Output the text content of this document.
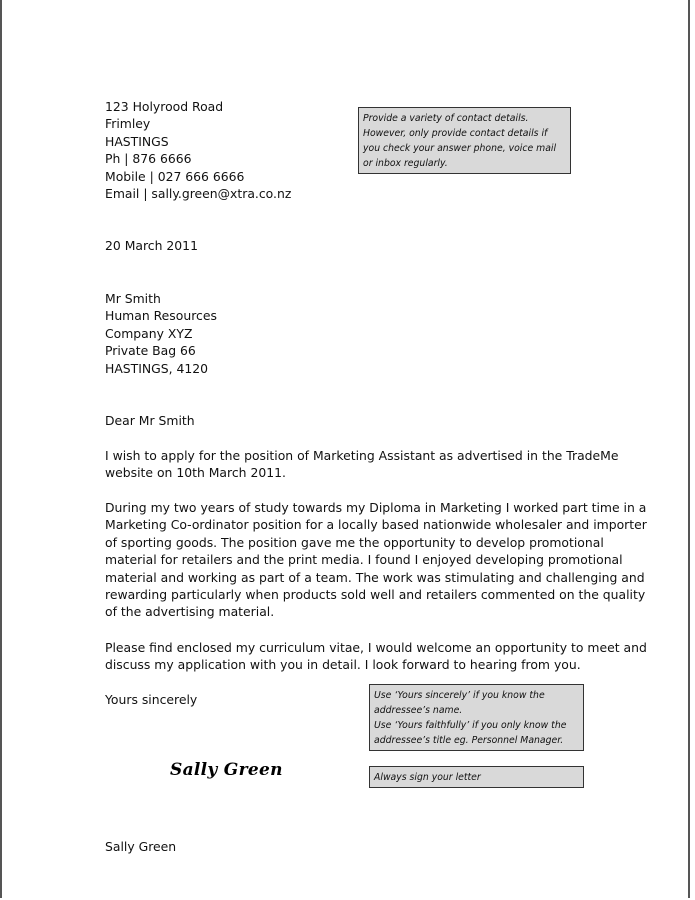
123 Holyrood Road
Frimley
HASTINGS
Ph | 876 6666
Mobile | 027 666 6666
Email | sally.green@xtra.co.nz
Provide a variety of contact details.
However, only provide contact details if
you check your answer phone, voice mail
or inbox regularly.
20 March 2011
Mr Smith
Human Resources
Company XYZ
Private Bag 66
HASTINGS, 4120
Dear Mr Smith
I wish to apply for the position of Marketing Assistant as advertised in the TradeMe
website on 10th March 2011.
During my two years of study towards my Diploma in Marketing I worked part time in a
Marketing Co-ordinator position for a locally based nationwide wholesaler and importer
of sporting goods. The position gave me the opportunity to develop promotional
material for retailers and the print media. I found I enjoyed developing promotional
material and working as part of a team. The work was stimulating and challenging and
rewarding particularly when products sold well and retailers commented on the quality
of the advertising material.
Please find enclosed my curriculum vitae, I would welcome an opportunity to meet and
discuss my application with you in detail. I look forward to hearing from you.
Yours sincerely	Use ‘Yours sincerely’ if you know the
addressee’s name.
Use ‘Yours faithfully’ if you only know the
addressee’s title eg. Personnel Manager.
Sally Green	Always sign your letter
Sally Green
